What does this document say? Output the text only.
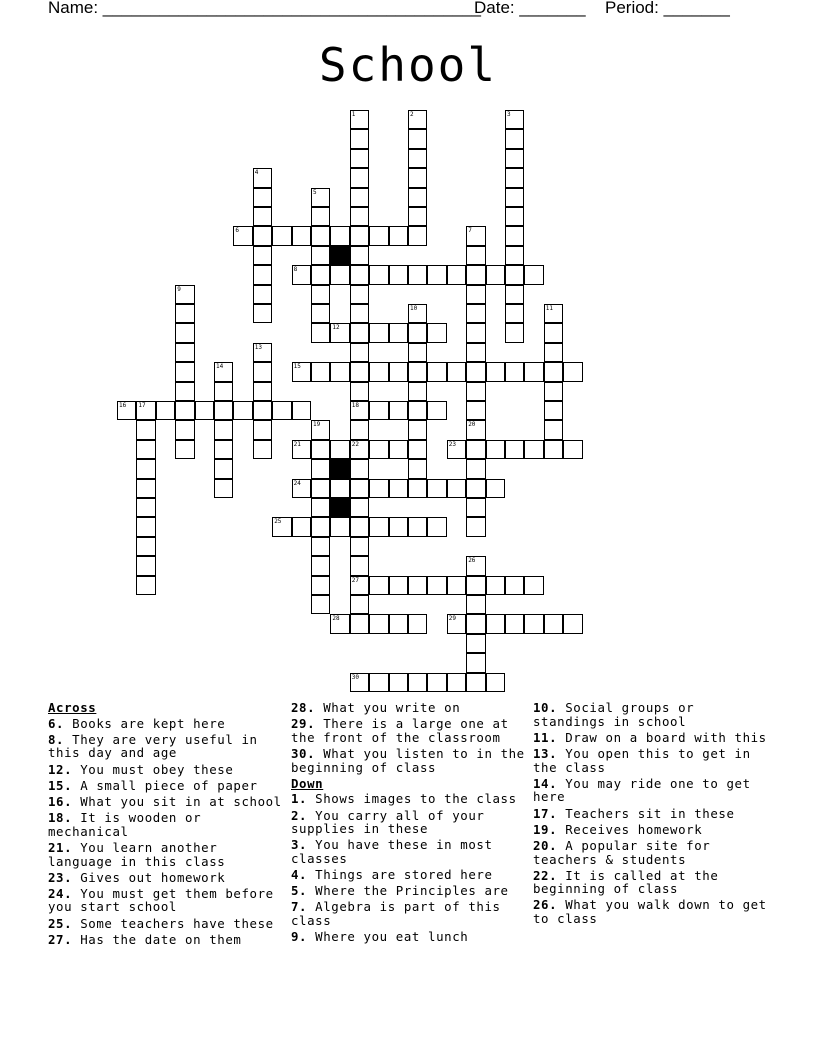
Name: ________________________________________
Date: _______ Period: _______
School
1
18
2	3
4
5
6	7
20
8
9
10	11
12
13
14	15
16 17
19
21	22
27
23
24
25
26
28	29
30
Across
6. Books are kept here
8. They are very useful in this day and age
12. You must obey these
15. A small piece of paper
16. What you sit in at school
18. It is wooden or mechanical
21. You learn another language in this class
23. Gives out homework
24. You must get them before you start school
25. Some teachers have these
27. Has the date on them
28. What you write on
29. There is a large one at the front of the classroom
30. What you listen to in the beginning of class
Down
1. Shows images to the class
2. You carry all of your supplies in these
3. You have these in most classes
4. Things are stored here
5. Where the Principles are
7. Algebra is part of this class
9. Where you eat lunch
10. Social groups or standings in school
11. Draw on a board with this
13. You open this to get in the class
14. You may ride one to get here
17. Teachers sit in these
19. Receives homework
20. A popular site for teachers & students
22. It is called at the beginning of class
26. What you walk down to get to class
